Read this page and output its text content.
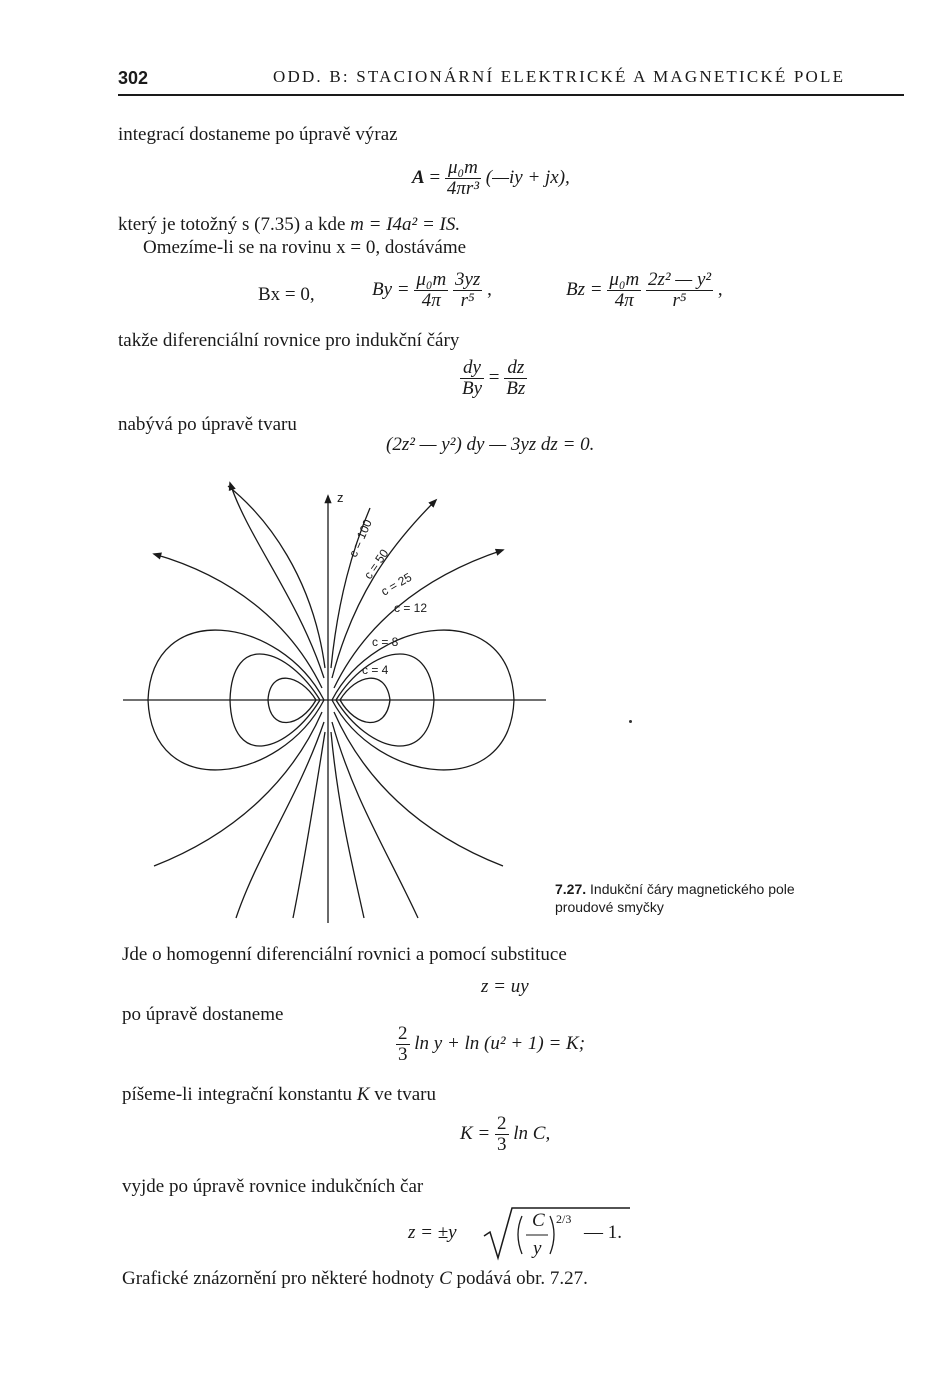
302	ODD. B: STACIONÁRNÍ ELEKTRICKÉ A MAGNETICKÉ POLE
integrací dostaneme po úpravě výraz
$A = \frac{\text{μ₀m}}{\text{4πr³}}$ (—iy + jx),
který je totožný s (7.35) a kde m = I4a² = IS.
Omezíme-li se na rovinu x = 0, dostáváme
Bx = 0,	$By = \frac{\text{μ₀m}}{4\pi}$
$\frac{3yz}{\text{r⁵}}$ ,	$Bz = \frac{\text{μ₀m}}{4\pi}$
$\frac{\text{2z² — y²}}{\text{r⁵}}$ ,
takže diferenciální rovnice pro indukční čáry
$\frac{dy}{By} = \frac{dz}{Bz}$
nabývá po úpravě tvaru
(2z² — y²) dy — 3yz dz = 0.
z
c = 100
c = 50
c = 25
c = 12
c = 8
c = 4
7.27. Indukční čáry magnetického pole
proudové smyčky
Jde o homogenní diferenciální rovnici a pomocí substituce
z = uy
po úpravě dostaneme
$\frac{2}{3}$ ln y + ln (u² + 1) = K;
píšeme-li integrační konstantu K ve tvaru
$K = \frac{2}{3}$ ln C,
vyjde po úpravě rovnice indukčních čar
z = ±y
C
y
2/3
— 1.
Grafické znázornění pro některé hodnoty C podává obr. 7.27.
